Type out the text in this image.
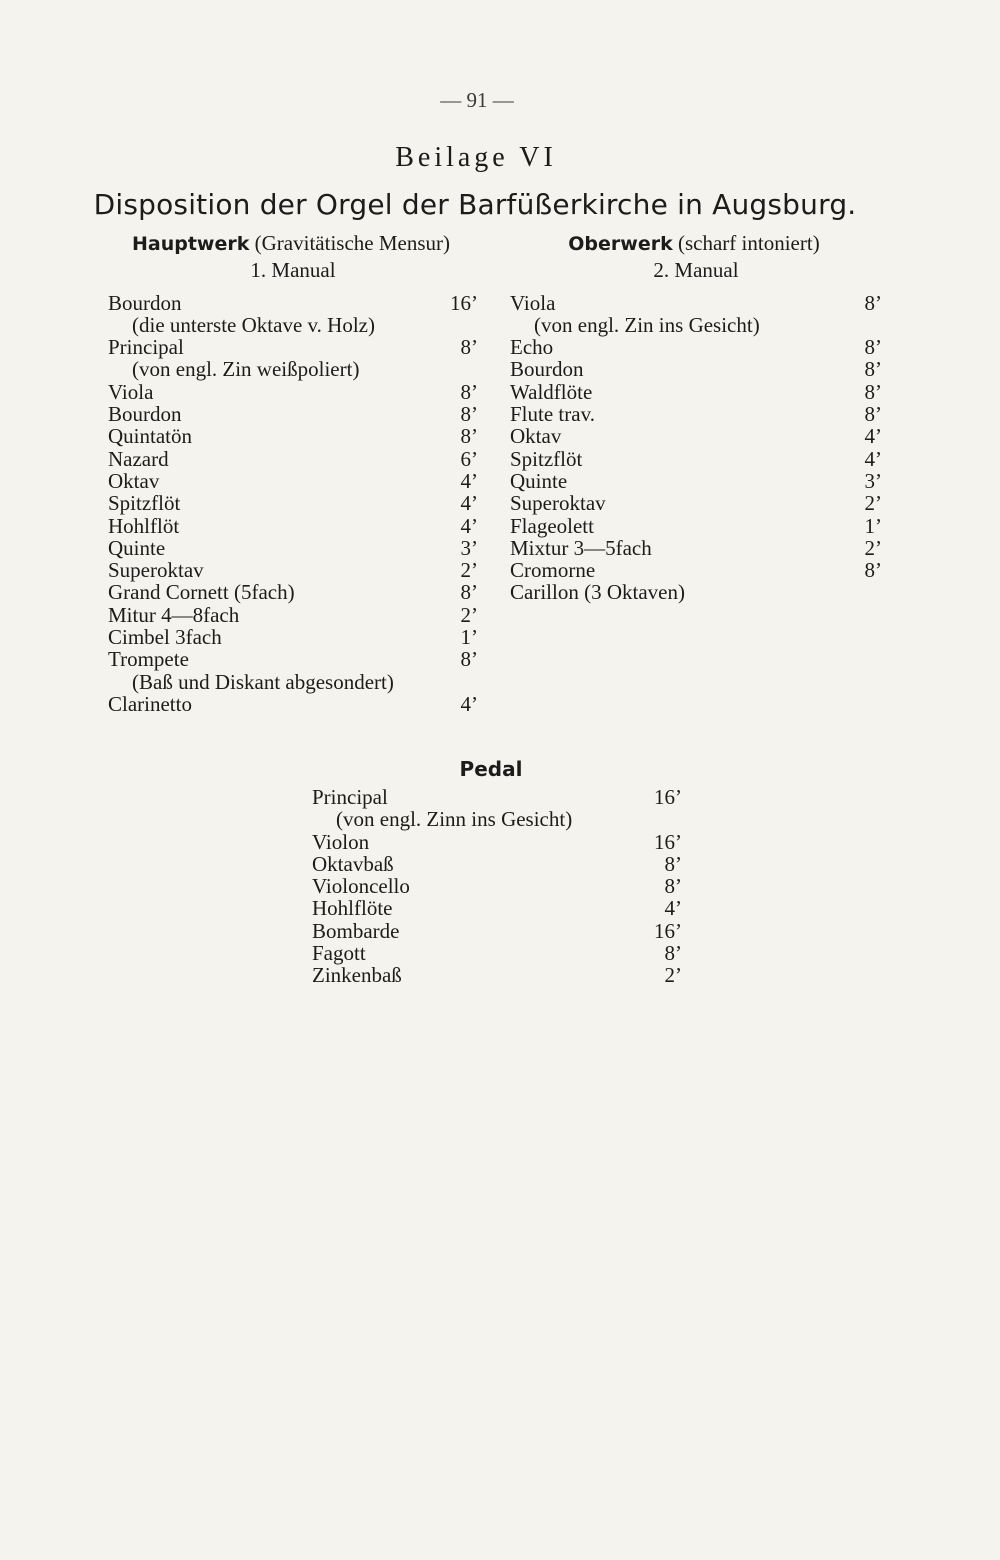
— 91 —
Beilage VI
Disposition der Orgel der Barfüßerkirche in Augsburg.
Hauptwerk (Gravitätische Mensur)
1. Manual
Bourdon	16’
(die unterste Oktave v. Holz)
Principal	8’
(von engl. Zin weißpoliert)
Viola	8’
Bourdon	8’
Quintatön	8’
Nazard	6’
Oktav	4’
Spitzflöt	4’
Hohlflöt	4’
Quinte	3’
Superoktav	2’
Grand Cornett (5fach)	8’
Mitur 4—8fach	2’
Cimbel 3fach	1’
Trompete	8’
(Baß und Diskant abgesondert)
Clarinetto	4’
Oberwerk (scharf intoniert)
2. Manual
Viola	8’
(von engl. Zin ins Gesicht)
Echo	8’
Bourdon	8’
Waldflöte	8’
Flute trav.	8’
Oktav	4’
Spitzflöt	4’
Quinte	3’
Superoktav	2’
Flageolett	1’
Mixtur 3—5fach	2’
Cromorne	8’
Carillon (3 Oktaven)
Pedal
Principal	16’
(von engl. Zinn ins Gesicht)
Violon	16’
Oktavbaß	8’
Violoncello	8’
Hohlflöte	4’
Bombarde	16’
Fagott	8’
Zinkenbaß	2’
